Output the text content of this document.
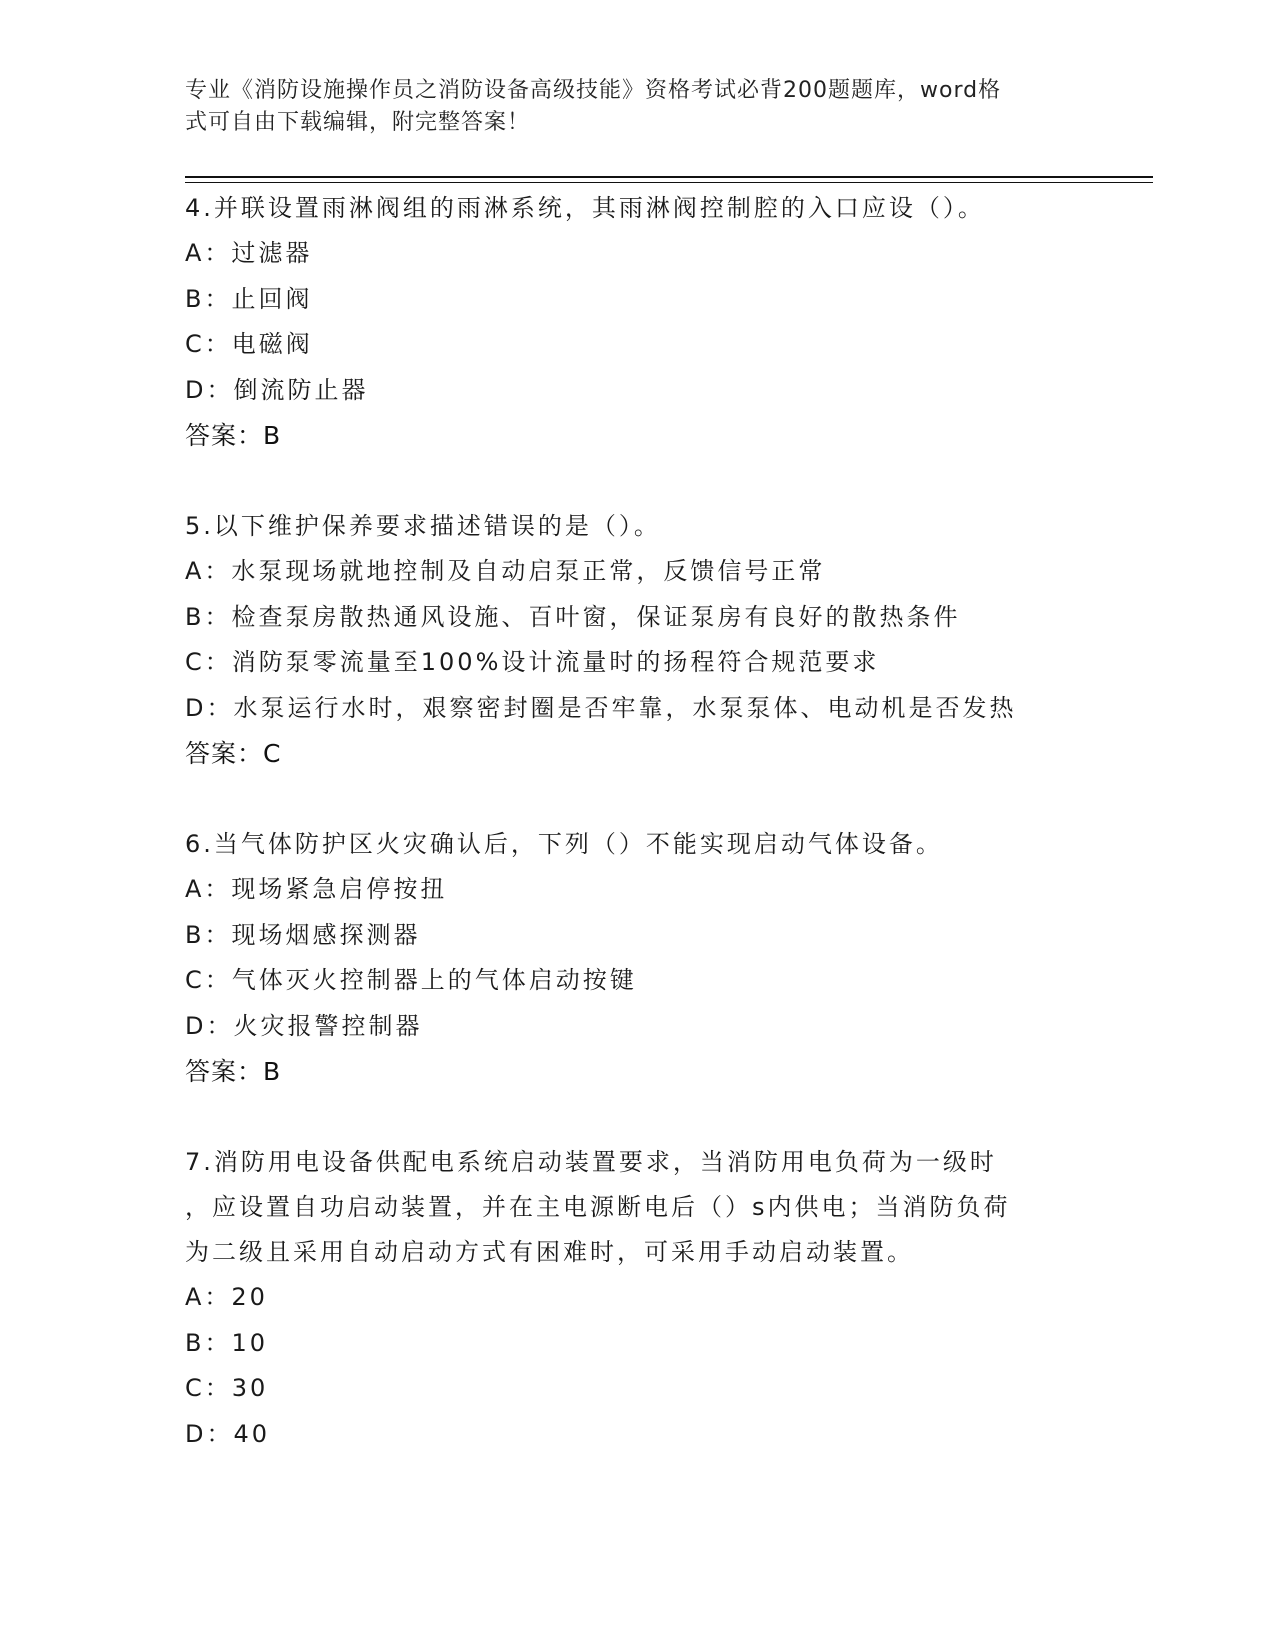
专业《消防设施操作员之消防设备高级技能》资格考试必背200题题库，word格
式可自由下载编辑，附完整答案！
4.并联设置雨淋阀组的雨淋系统，其雨淋阀控制腔的入口应设（）。
A：过滤器
B：止回阀
C：电磁阀
D：倒流防止器
答案：B
5.以下维护保养要求描述错误的是（）。
A：水泵现场就地控制及自动启泵正常，反馈信号正常
B：检查泵房散热通风设施、百叶窗，保证泵房有良好的散热条件
C：消防泵零流量至100%设计流量时的扬程符合规范要求
D：水泵运行水时，艰察密封圈是否牢靠，水泵泵体、电动机是否发热
答案：C
6.当气体防护区火灾确认后，下列（）不能实现启动气体设备。
A：现场紧急启停按扭
B：现场烟感探测器
C：气体灭火控制器上的气体启动按键
D：火灾报警控制器
答案：B
7.消防用电设备供配电系统启动装置要求，当消防用电负荷为一级时
，应设置自功启动装置，并在主电源断电后（）s内供电；当消防负荷
为二级且采用自动启动方式有困难时，可采用手动启动装置。
A：20
B：10
C：30
D：40
